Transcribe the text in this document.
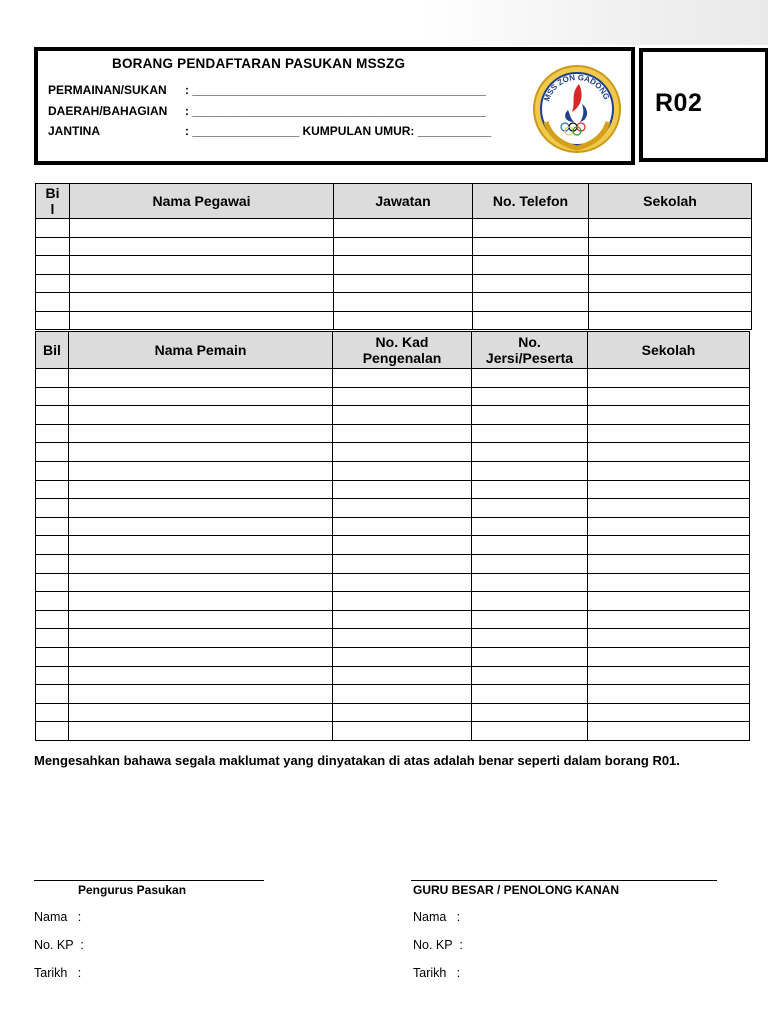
BORANG PENDAFTARAN PASUKAN MSSZG
PERMAINAN/SUKAN : ____________________________________________
DAERAH/BAHAGIAN : ____________________________________________
JANTINA	: ________________ KUMPULAN UMUR: ___________
MSS ZON GADONG R02
Bi l	Nama Pegawai	Jawatan	No. Telefon	Sekolah

Bil	Nama Pemain	No. Kad Pengenalan	No. Jersi/Peserta	Sekolah

Mengesahkan bahawa segala maklumat yang dinyatakan di atas adalah benar seperti dalam borang R01.
Pengurus Pasukan
Nama   :
No. KP  :
Tarikh   :
GURU BESAR / PENOLONG KANAN
Nama   :
No. KP  :
Tarikh   :
